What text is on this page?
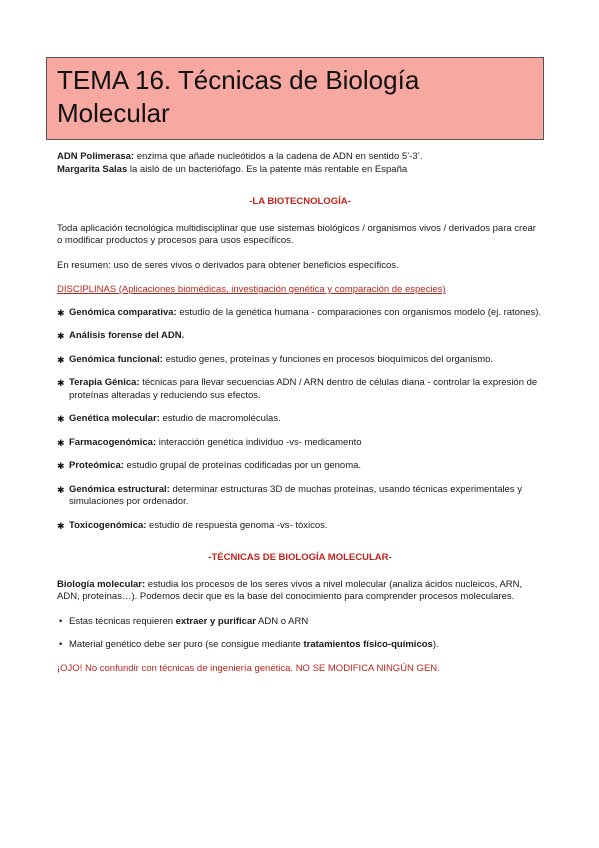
TEMA 16. Técnicas de Biología
Molecular

ADN Polimerasa: enzima que añade nucleótidos a la cadena de ADN en sentido 5’-3’.

Margarita Salas la aisló de un bacteriófago. Es la patente más rentable en España

-LA BIOTECNOLOGÍA-

Toda aplicación tecnológica multidisciplinar que use sistemas biológicos / organismos vivos / derivados para crear o modificar productos y procesos para usos específicos.

En resumen: uso de seres vivos o derivados para obtener beneficios específicos.

DISCIPLINAS (Aplicaciones biomédicas, investigación genética y comparación de especies)

✱ Genómica comparativa: estudio de la genética humana - comparaciones con organismos modelo (ej. ratones).
✱ Análisis forense del ADN.
✱ Genómica funcional: estudio genes, proteínas y funciones en procesos bioquímicos del organismo.
✱ Terapia Génica: técnicas para llevar secuencias ADN / ARN dentro de células diana - controlar la expresión de proteínas alteradas y reduciendo sus efectos.
✱ Genética molecular: estudio de macromoléculas.
✱ Farmacogenómica: interacción genética individuo -vs- medicamento
✱ Proteómica: estudio grupal de proteínas codificadas por un genoma.
✱ Genómica estructural: determinar estructuras 3D de muchas proteínas, usando técnicas experimentales y simulaciones por ordenador.
✱ Toxicogenómica: estudio de respuesta genoma -vs- tóxicos.

-TÉCNICAS DE BIOLOGÍA MOLECULAR-

Biología molecular: estudia los procesos de los seres vivos a nivel molecular (analiza ácidos nucleicos, ARN, ADN, proteínas…). Podemos decir que es la base del conocimiento para comprender procesos moleculares.

• Estas técnicas requieren extraer y purificar ADN o ARN
• Material genético debe ser puro (se consigue mediante tratamientos físico-químicos).

¡OJO! No confundir con técnicas de ingeniería genética. NO SE MODIFICA NINGÚN GEN.
